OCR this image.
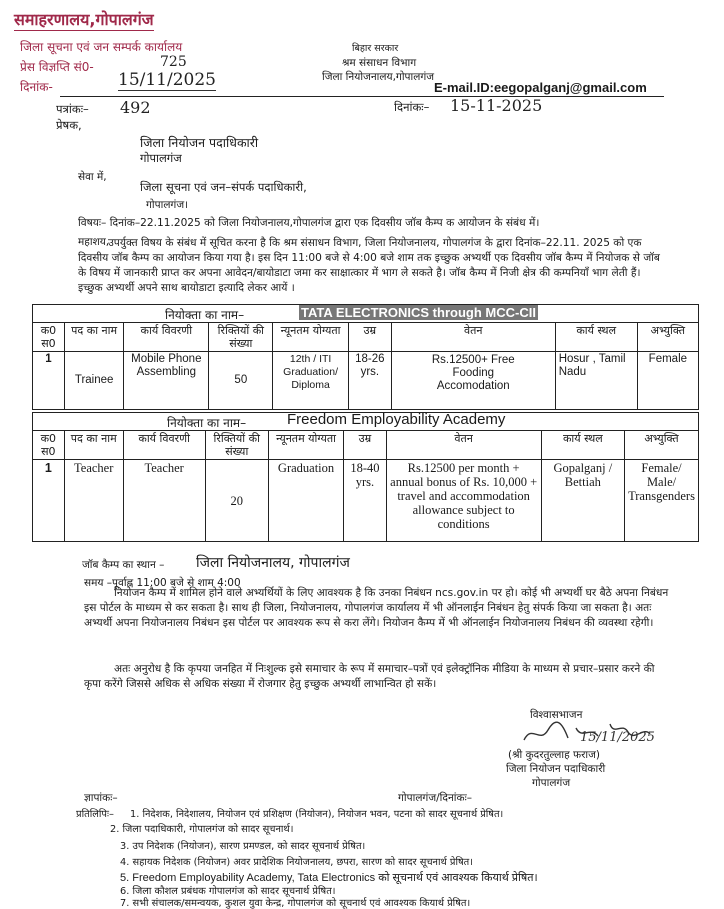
समाहरणालय,गोपालगंज
जिला सूचना एवं जन सम्पर्क कार्यालय
प्रेस विज्ञप्ति सं0-	725
दिनांक-	15/11/2025
बिहार सरकार
श्रम संसाधन विभाग
जिला नियोजनालय,गोपालगंज
E-mail.ID:eegopalganj@gmail.com
पत्रांकः– 492	दिनांकः– 15-11-2025
प्रेषक,
जिला नियोजन पदाधिकारी
गोपालगंज
सेवा में,
जिला सूचना एवं जन–संपर्क पदाधिकारी,
गोपालगंज।
विषयः– दिनांक–22.11.2025 को जिला नियोजनालय,गोपालगंज द्वारा एक दिवसीय जॉब कैम्प क आयोजन के संबंध में।
महाशय,
उपर्युक्त विषय के संबंध में सूचित करना है कि श्रम संसाधन विभाग, जिला नियोजनालय, गोपालगंज के द्वारा दिनांक–22.11. 2025 को एक दिवसीय जॉब कैम्प का आयोजन किया गया है। इस दिन 11:00 बजे से 4:00 बजे शाम तक इच्छुक अभ्यर्थी एक दिवसीय जॉब कैम्प में नियोजक से जॉब के विषय में जानकारी प्राप्त कर अपना आवेदन/बायोडाटा जमा कर साक्षात्कार में भाग ले सकते है। जॉब कैम्प में निजी क्षेत्र की कम्पनियाँ भाग लेती हैं। इच्छुक अभ्यर्थी अपने साथ बायोडाटा इत्यादि लेकर आयें ।
नियोक्ता का नाम–	TATA ELECTRONICS through MCC-CII
क0 स0	पद का नाम	कार्य विवरणी	रिक्तियों की संख्या	न्यूनतम योग्यता	उम्र	वेतन	कार्य स्थल	अभ्युक्ति
1	Trainee	Mobile Phone Assembling	50	12th / ITI Graduation/ Diploma	18-26 yrs.	Rs.12500+ Free Fooding Accomodation	Hosur , Tamil Nadu	Female
नियोक्ता का नाम–	Freedom Employability Academy
क0 स0	पद का नाम	कार्य विवरणी	रिक्तियों की संख्या	न्यूनतम योग्यता	उम्र	वेतन	कार्य स्थल	अभ्युक्ति
1	Teacher	Teacher	20	Graduation	18-40 yrs.	Rs.12500 per month + annual bonus of Rs. 10,000 + travel and accommodation allowance subject to conditions	Gopalganj / Bettiah	Female/ Male/ Transgenders
जॉब कैम्प का स्थान – जिला नियोजनालय, गोपालगंज
समय –पूर्वाह्न 11:00 बजे से शाम 4:00
नियोजन कैम्प में शामिल होने वाले अभ्यर्थियों के लिए आवश्यक है कि उनका निबंधन ncs.gov.in पर हो। कोई भी अभ्यर्थी घर बैठे अपना निबंधन इस पोर्टल के माध्यम से कर सकता है। साथ ही जिला, नियोजनालय, गोपालगंज कार्यालय में भी ऑनलाईन निबंधन हेतु संपर्क किया जा सकता है। अतः अभ्यर्थी अपना नियोजनालय निबंधन इस पोर्टल पर आवश्यक रूप से करा लेंगे। नियोजन कैम्प में भी ऑनलाईन नियोजनालय निबंधन की व्यवस्था रहेगी।
अतः अनुरोध है कि कृपया जनहित में निःशुल्क इसे समाचार के रूप में समाचार–पत्रों एवं इलेक्ट्रॉनिक मीडिया के माध्यम से प्रचार–प्रसार करने की कृपा करेंगे जिससे अधिक से अधिक संख्या में रोजगार हेतु इच्छुक अभ्यर्थी लाभान्वित हो सकें।
विश्वासभाजन
15/11/2025
(श्री कुदरतुल्लाह फराज)
जिला नियोजन पदाधिकारी
गोपालगंज
ज्ञापांकः–	गोपालगंज/दिनांकः–
प्रतिलिपिः– 1. निदेशक, निदेशालय, नियोजन एवं प्रशिक्षण (नियोजन), नियोजन भवन, पटना को सादर सूचनार्थ प्रेषित।
2. जिला पदाधिकारी, गोपालगंज को सादर सूचनार्थ।
3. उप निदेशक (नियोजन), सारण प्रमण्डल, को सादर सूचनार्थ प्रेषित।
4. सहायक निदेशक (नियोजन) अवर प्रादेशिक नियोजनालय, छपरा, सारण को सादर सूचनार्थ प्रेषित।
5. Freedom Employability Academy, Tata Electronics को सूचनार्थ एवं आवश्यक कियार्थ प्रेषित।
6. जिला कौशल प्रबंधक गोपालगंज को सादर सूचनार्थ प्रेषित।
7. सभी संचालक/समन्वयक, कुशल युवा केन्द्र, गोपालगंज को सूचनार्थ एवं आवश्यक कियार्थ प्रेषित।
